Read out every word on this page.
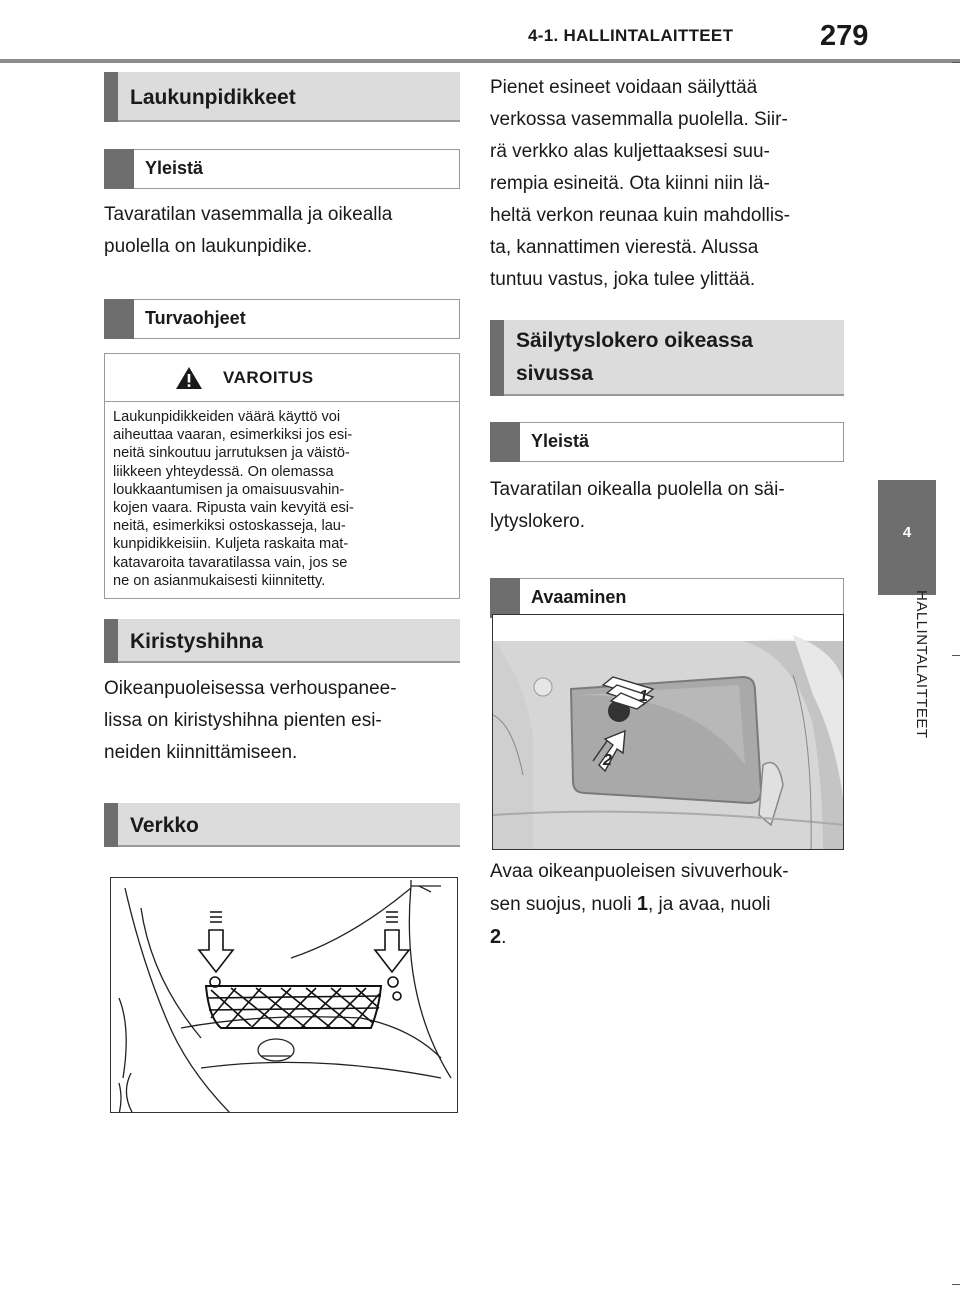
4-1. HALLINTALAITTEET	279
4
HALLINTALAITTEET
Laukunpidikkeet
Yleistä
Tavaratilan vasemmalla ja oikealla
puolella on laukunpidike.
Turvaohjeet
VAROITUS
Laukunpidikkeiden väärä käyttö voi
aiheuttaa vaaran, esimerkiksi jos esi-
neitä sinkoutuu jarrutuksen ja väistö-
liikkeen yhteydessä. On olemassa
loukkaantumisen ja omaisuusvahin-
kojen vaara. Ripusta vain kevyitä esi-
neitä, esimerkiksi ostoskasseja, lau-
kunpidikkeisiin. Kuljeta raskaita mat-
katavaroita tavaratilassa vain, jos se
ne on asianmukaisesti kiinnitetty.
Kiristyshihna
Oikeanpuoleisessa verhouspanee-
lissa on kiristyshihna pienten esi-
neiden kiinnittämiseen.
Verkko
Pienet esineet voidaan säilyttää
verkossa vasemmalla puolella. Siir-
rä verkko alas kuljettaaksesi suu-
rempia esineitä. Ota kiinni niin lä-
heltä verkon reunaa kuin mahdollis-
ta, kannattimen vierestä. Alussa
tuntuu vastus, joka tulee ylittää.
Säilytyslokero oikeassa
sivussa
Yleistä
Tavaratilan oikealla puolella on säi-
lytyslokero.
Avaaminen
1
2
Avaa oikeanpuoleisen sivuverhouk-
sen suojus, nuoli 1, ja avaa, nuoli
2.
